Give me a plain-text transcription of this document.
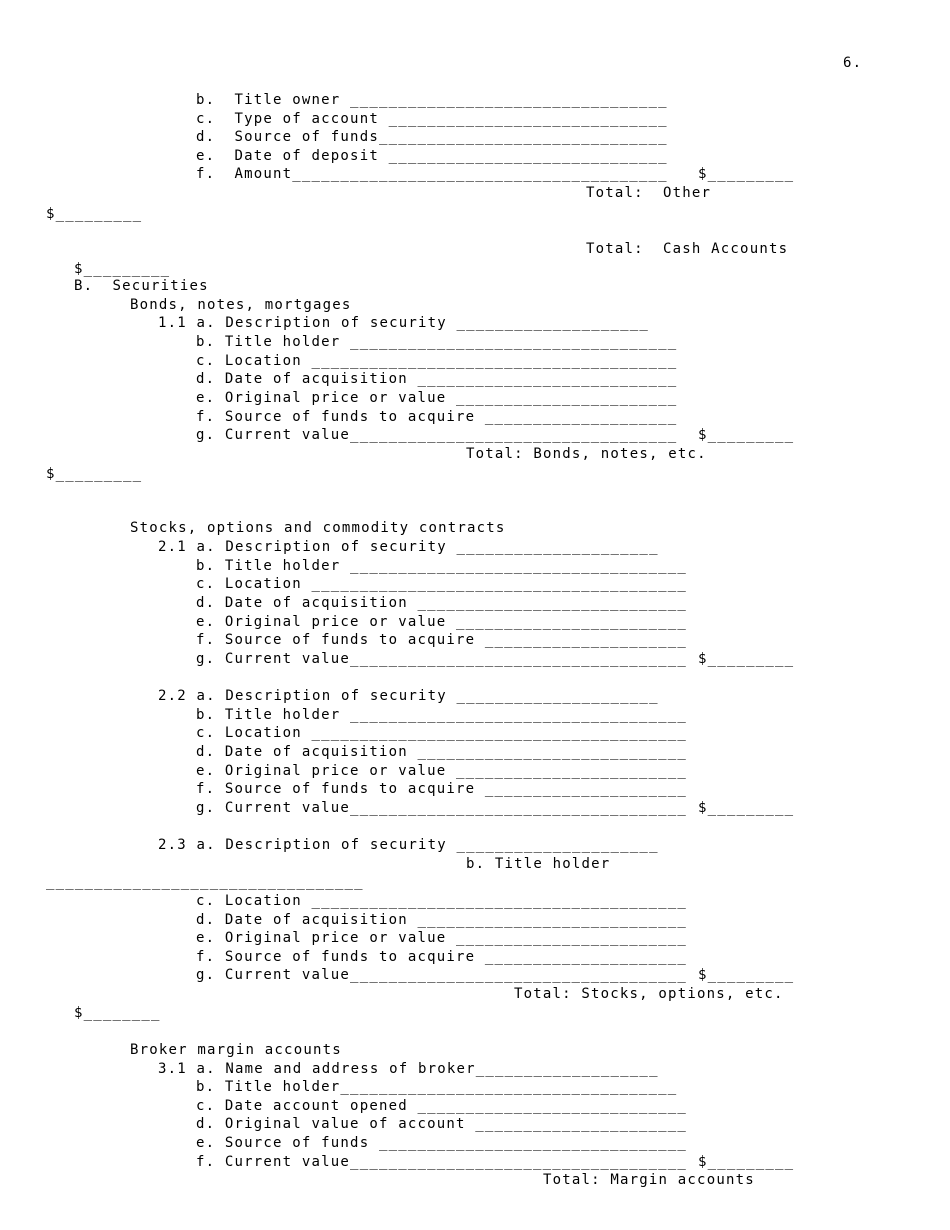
6.
b.  Title owner _________________________________
c.  Type of account _____________________________
d.  Source of funds______________________________
e.  Date of deposit _____________________________
f.  Amount_______________________________________ $_________
Total:  Other
$_________
Total:  Cash Accounts
$_________
B.  Securities
Bonds, notes, mortgages
1.1 a. Description of security ____________________
b. Title holder __________________________________
c. Location ______________________________________
d. Date of acquisition ___________________________
e. Original price or value _______________________
f. Source of funds to acquire ____________________
g. Current value__________________________________ $_________
Total: Bonds, notes, etc.
$_________
Stocks, options and commodity contracts
2.1 a. Description of security _____________________
b. Title holder ___________________________________
c. Location _______________________________________
d. Date of acquisition ____________________________
e. Original price or value ________________________
f. Source of funds to acquire _____________________
g. Current value___________________________________ $_________
2.2 a. Description of security _____________________
b. Title holder ___________________________________
c. Location _______________________________________
d. Date of acquisition ____________________________
e. Original price or value ________________________
f. Source of funds to acquire _____________________
g. Current value___________________________________ $_________
2.3 a. Description of security _____________________
b. Title holder
_________________________________
c. Location _______________________________________
d. Date of acquisition ____________________________
e. Original price or value ________________________
f. Source of funds to acquire _____________________
g. Current value___________________________________ $_________
Total: Stocks, options, etc.
$________
Broker margin accounts
3.1 a. Name and address of broker___________________
b. Title holder___________________________________
c. Date account opened ____________________________
d. Original value of account ______________________
e. Source of funds ________________________________
f. Current value___________________________________ $_________
Total: Margin accounts
